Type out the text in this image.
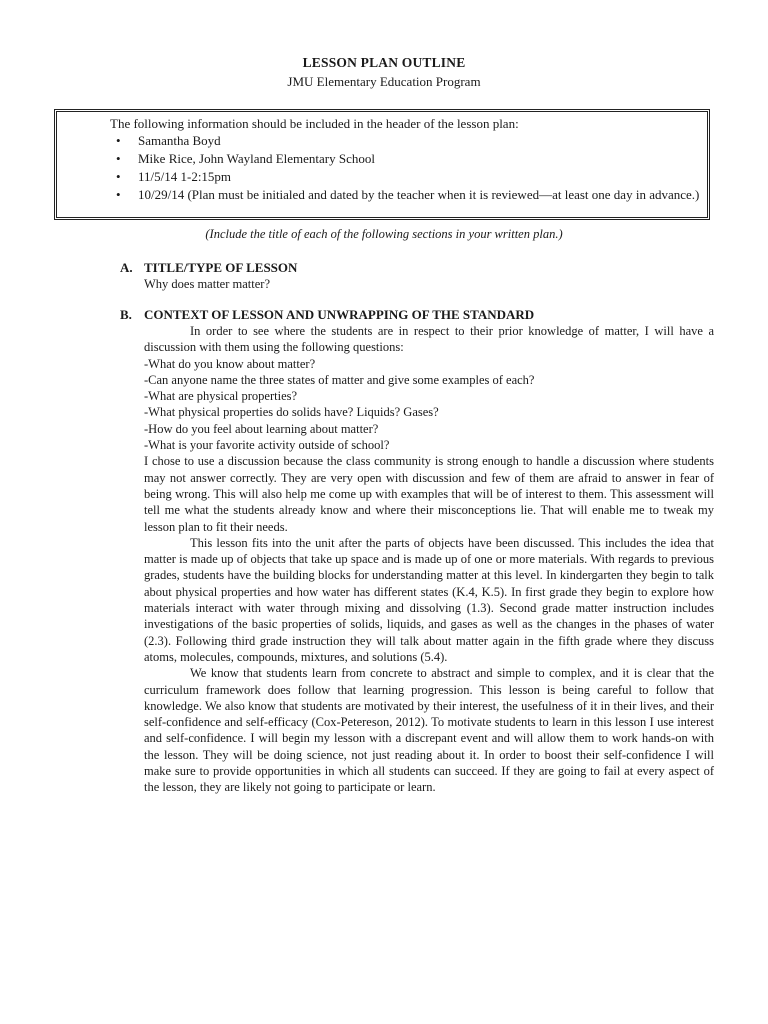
LESSON PLAN OUTLINE

JMU Elementary Education Program

The following information should be included in the header of the lesson plan:

• Samantha Boyd
• Mike Rice, John Wayland Elementary School
• 11/5/14 1-2:15pm
• 10/29/14 (Plan must be initialed and dated by the teacher when it is reviewed—at least one day in advance.)

(Include the title of each of the following sections in your written plan.)

A. TITLE/TYPE OF LESSON

Why does matter matter?

B. CONTEXT OF LESSON AND UNWRAPPING OF THE STANDARD

In order to see where the students are in respect to their prior knowledge of matter, I will have a discussion with them using the following questions:

-What do you know about matter?

-Can anyone name the three states of matter and give some examples of each?

-What are physical properties?

-What physical properties do solids have? Liquids? Gases?

-How do you feel about learning about matter?

-What is your favorite activity outside of school?

I chose to use a discussion because the class community is strong enough to handle a discussion where students may not answer correctly. They are very open with discussion and few of them are afraid to answer in fear of being wrong. This will also help me come up with examples that will be of interest to them. This assessment will tell me what the students already know and where their misconceptions lie. That will enable me to tweak my lesson plan to fit their needs.

This lesson fits into the unit after the parts of objects have been discussed. This includes the idea that matter is made up of objects that take up space and is made up of one or more materials. With regards to previous grades, students have the building blocks for understanding matter at this level. In kindergarten they begin to talk about physical properties and how water has different states (K.4, K.5). In first grade they begin to explore how materials interact with water through mixing and dissolving (1.3). Second grade matter instruction includes investigations of the basic properties of solids, liquids, and gases as well as the changes in the phases of water (2.3). Following third grade instruction they will talk about matter again in the fifth grade where they discuss atoms, molecules, compounds, mixtures, and solutions (5.4).

We know that students learn from concrete to abstract and simple to complex, and it is clear that the curriculum framework does follow that learning progression. This lesson is being careful to follow that knowledge. We also know that students are motivated by their interest, the usefulness of it in their lives, and their self-confidence and self-efficacy (Cox-Petereson, 2012). To motivate students to learn in this lesson I use interest and self-confidence. I will begin my lesson with a discrepant event and will allow them to work hands-on with the lesson. They will be doing science, not just reading about it. In order to boost their self-confidence I will make sure to provide opportunities in which all students can succeed. If they are going to fail at every aspect of the lesson, they are likely not going to participate or learn.
